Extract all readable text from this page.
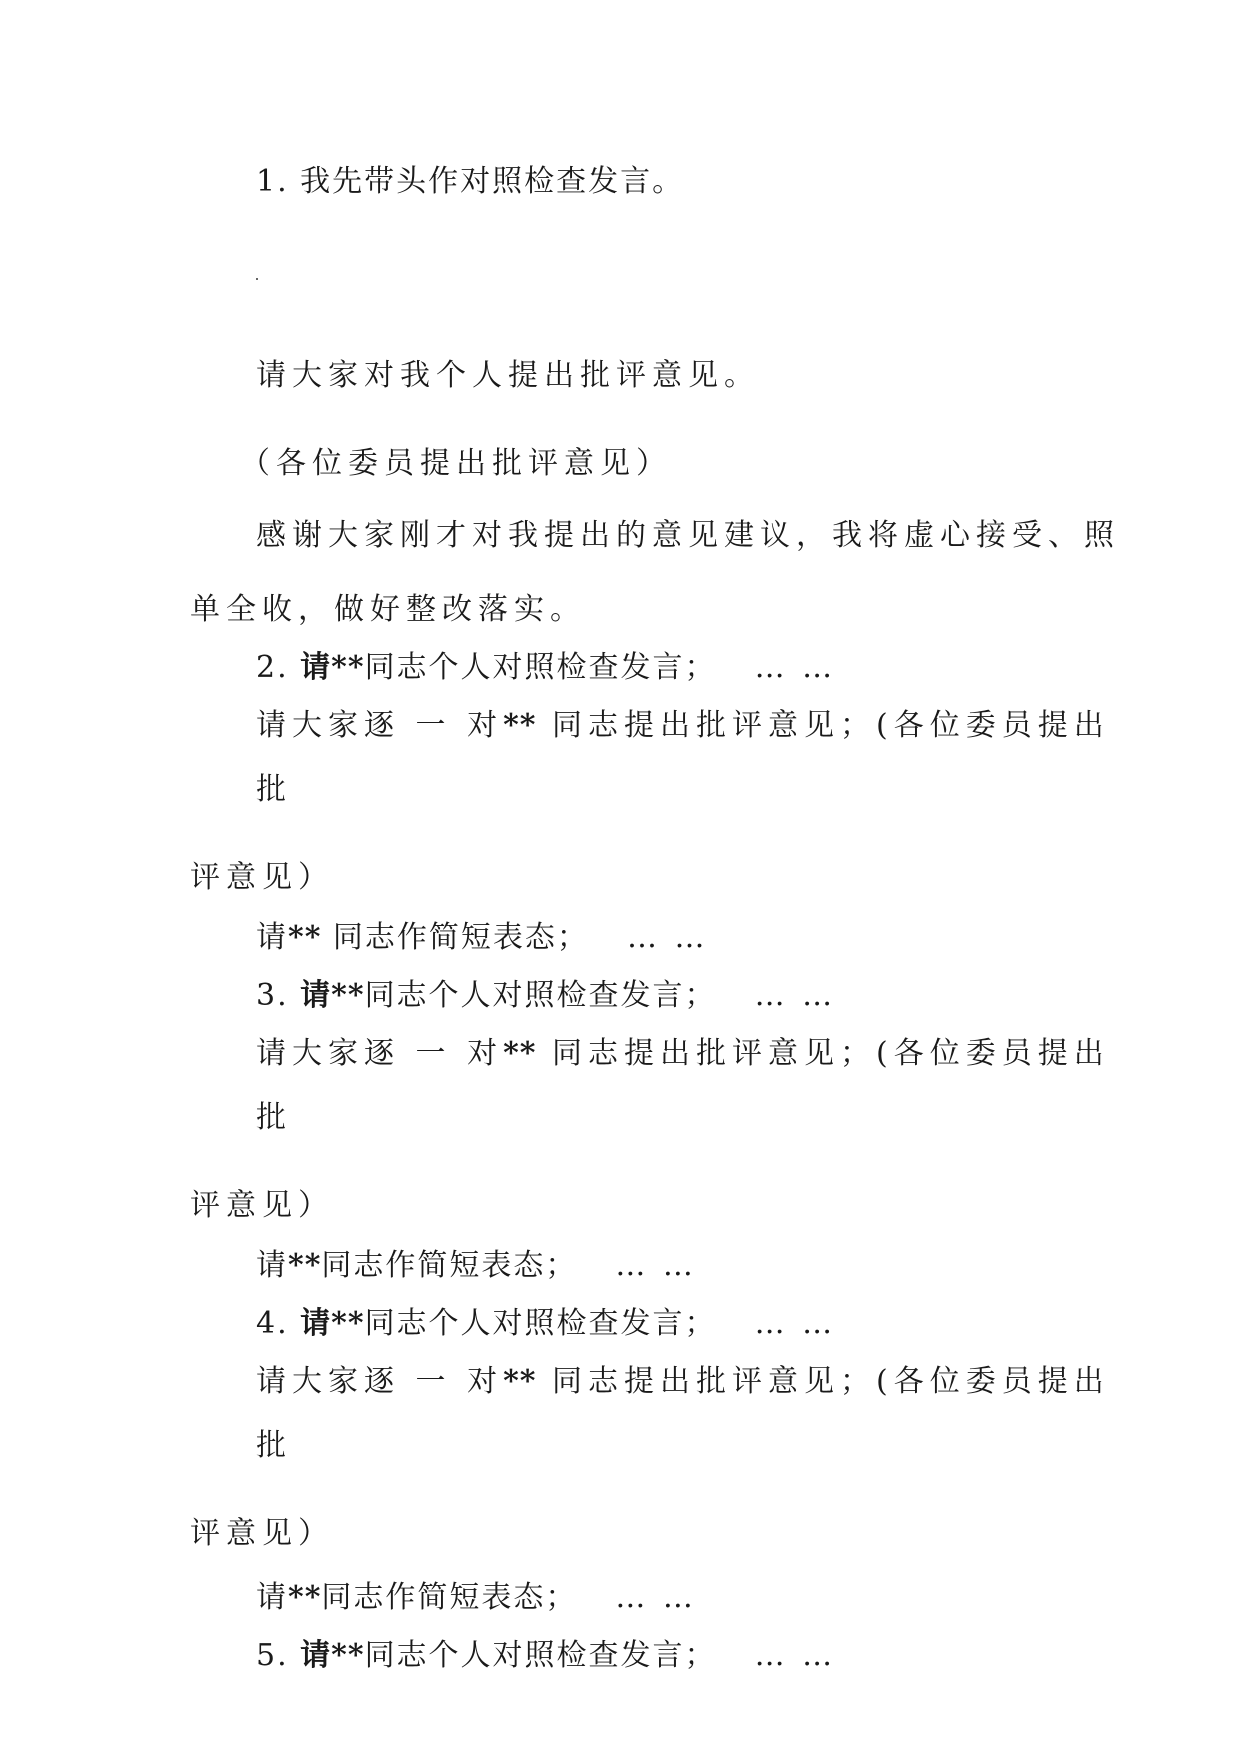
1. 我先带头作对照检查发言。
请大家对我个人提出批评意见。
（各位委员提出批评意见）
感谢大家刚才对我提出的意见建议，我将虚心接受、照
单全收，做好整改落实。
2. 请**同志个人对照检查发言； … …
请大家逐 一 对** 同志提出批评意见；(各位委员提出
批
评意见）
请** 同志作简短表态； … …
3. 请**同志个人对照检查发言； … …
请大家逐 一 对** 同志提出批评意见；(各位委员提出
批
评意见）
请**同志作简短表态； … …
4. 请**同志个人对照检查发言； … …
请大家逐 一 对** 同志提出批评意见；(各位委员提出
批
评意见）
请**同志作简短表态； … …
5. 请**同志个人对照检查发言； … …
